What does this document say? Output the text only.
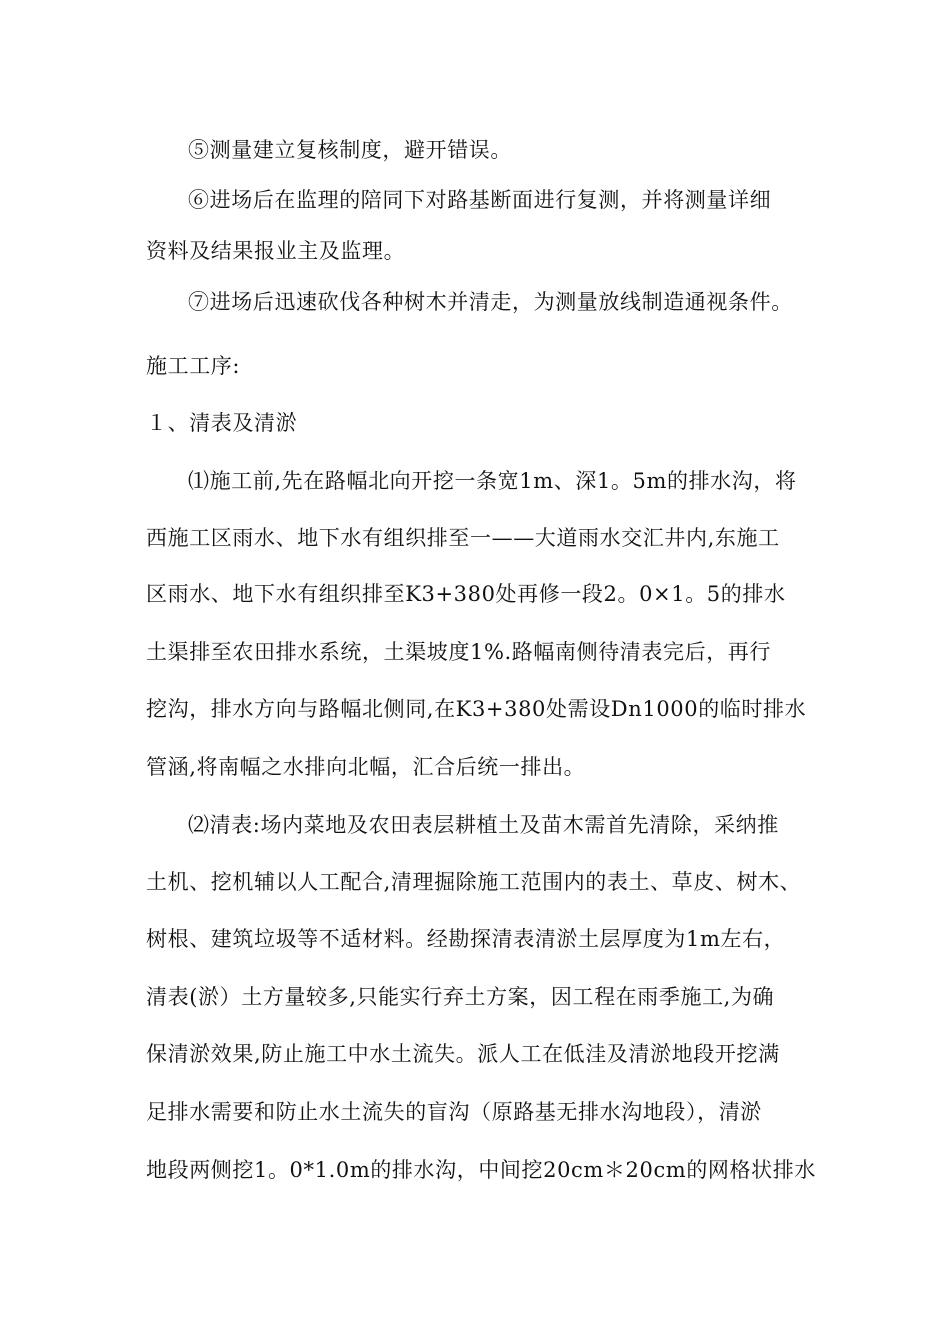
⑤测量建立复核制度，避开错误。
⑥进场后在监理的陪同下对路基断面进行复测，并将测量详细
资料及结果报业主及监理。
⑦进场后迅速砍伐各种树木并清走，为测量放线制造通视条件。
施工工序:
１、清表及清淤
⑴施工前,先在路幅北向开挖一条宽1m、深1。5m的排水沟，将
西施工区雨水、地下水有组织排至一——大道雨水交汇井内,东施工
区雨水、地下水有组织排至K3+380处再修一段2。0×1。5的排水
土渠排至农田排水系统，土渠坡度1%.路幅南侧待清表完后，再行
挖沟，排水方向与路幅北侧同,在K3+380处需设Dn1000的临时排水
管涵,将南幅之水排向北幅，汇合后统一排出。
⑵清表:场内菜地及农田表层耕植土及苗木需首先清除，采纳推
土机、挖机辅以人工配合,清理掘除施工范围内的表土、草皮、树木、
树根、建筑垃圾等不适材料。经勘探清表清淤土层厚度为1m左右，
清表(淤）土方量较多,只能实行弃土方案，因工程在雨季施工,为确
保清淤效果,防止施工中水土流失。派人工在低洼及清淤地段开挖满
足排水需要和防止水土流失的盲沟（原路基无排水沟地段），清淤
地段两侧挖1。0*1.0m的排水沟，中间挖20cm＊20cm的网格状排水
